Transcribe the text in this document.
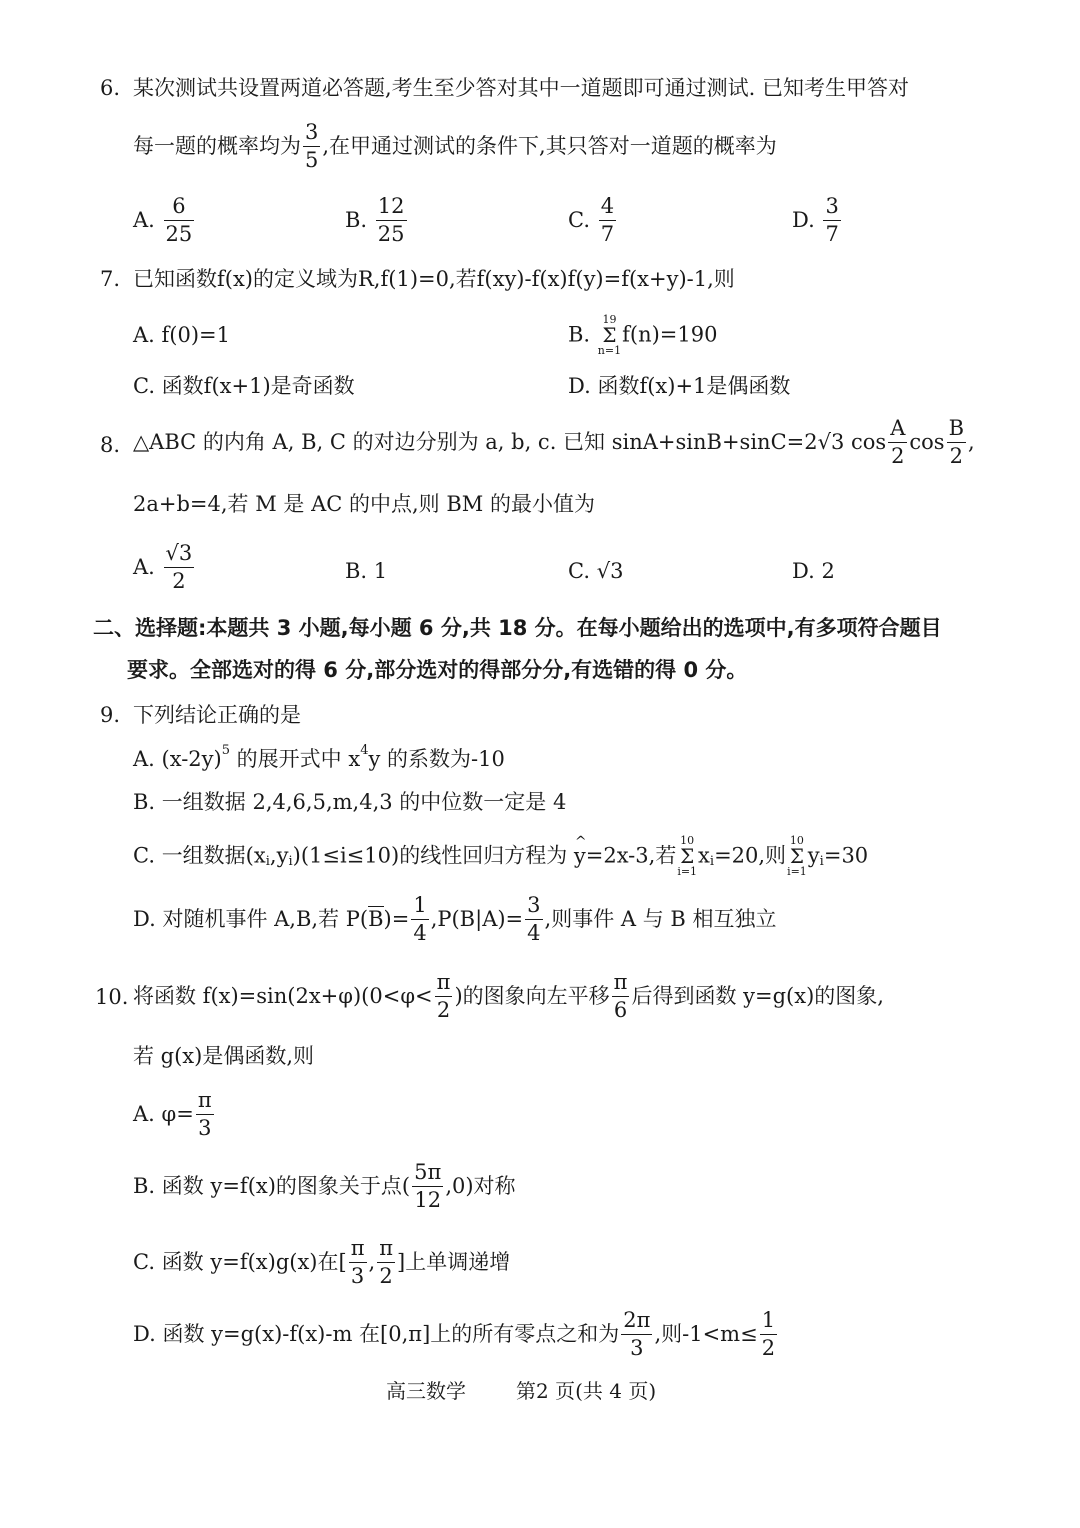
6. 某次测试共设置两道必答题,考生至少答对其中一道题即可通过测试. 已知考生甲答对
每一题的概率均为 $\frac{3}{5}$ ,在甲通过测试的条件下,其只答对一道题的概率为
A. $\frac{6}{25}$	B. $\frac{12}{25}$	C. $\frac{4}{7}$	D. $\frac{3}{7}$
7. 已知函数f(x)的定义域为R,f(1)=0,若f(xy)-f(x)f(y)=f(x+y)-1,则
A. f(0)=1	B.
19
Σ
n=1
f(n)=190
C. 函数f(x+1)是奇函数	D. 函数f(x)+1是偶函数
8. △ABC 的内角 A, B, C 的对边分别为 a, b, c. 已知 sinA+sinB+sinC=2√3 $\cos \frac{A}{2}$ $\cos \frac{B}{2}$ ,
2a+b=4,若 M 是 AC 的中点,则 BM 的最小值为
A. $\frac{√3}{2}$	B. 1	C. √3	D. 2
二、选择题:本题共 3 小题,每小题 6 分,共 18 分。在每小题给出的选项中,有多项符合题目
要求。全部选对的得 6 分,部分选对的得部分分,有选错的得 0 分。
9. 下列结论正确的是
A. $(x-2y)^5$ 的展开式中 $x^4y$ 的系数为-10
B. 一组数据 2,4,6,5,m,4,3 的中位数一定是 4
C. 一组数据$(x_i,y_i)(1\le i\le 10)$的线性回归方程为 ^ y=2x-3,若
10
Σ
i=1
$x_i=20$,则
10
Σ
i=1
$y_i=30$
D. 对随机事件 A,B,若 $P(B)= \frac{1}{4} ,P(B|A)= \frac{3}{4}$ ,则事件 A 与 B 相互独立
10. 将函数 $f(x)=\sin(2x+\varphi)(0<\varphi< \frac{\pi}{2}$ )的图象向左平移 $\frac{\pi}{6}$ 后得到函数 y=g(x)的图象,
若 g(x)是偶函数,则
A. $\varphi= \frac{\pi}{3}$
B. 函数 y=f(x)的图象关于点( $\frac{5\pi}{12} ,0$)对称
C. 函数 y=f(x)g(x)在[ $\frac{\pi}{3}$ , $\frac{\pi}{2}$ ]上单调递增
D. 函数 y=g(x)-f(x)-m 在[0,π]上的所有零点之和为 $\frac{2\pi}{3}$ ,则$-1<m\le \frac{1}{2}$
高三数学	第2 页(共 4 页)
